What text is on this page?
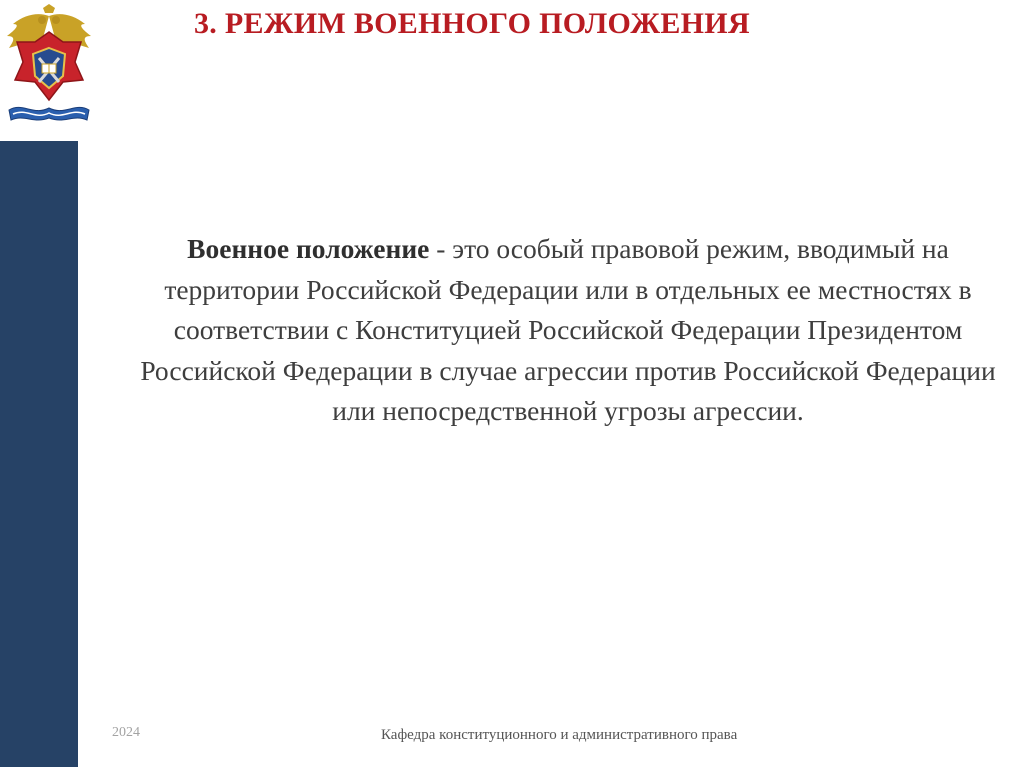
3. РЕЖИМ ВОЕННОГО ПОЛОЖЕНИЯ

Военное положение - это особый правовой режим, вводимый на территории Российской Федерации или в отдельных ее местностях в соответствии с Конституцией Российской Федерации Президентом Российской Федерации в случае агрессии против Российской Федерации или непосредственной угрозы агрессии.

2024	Кафедра конституционного и административного права
